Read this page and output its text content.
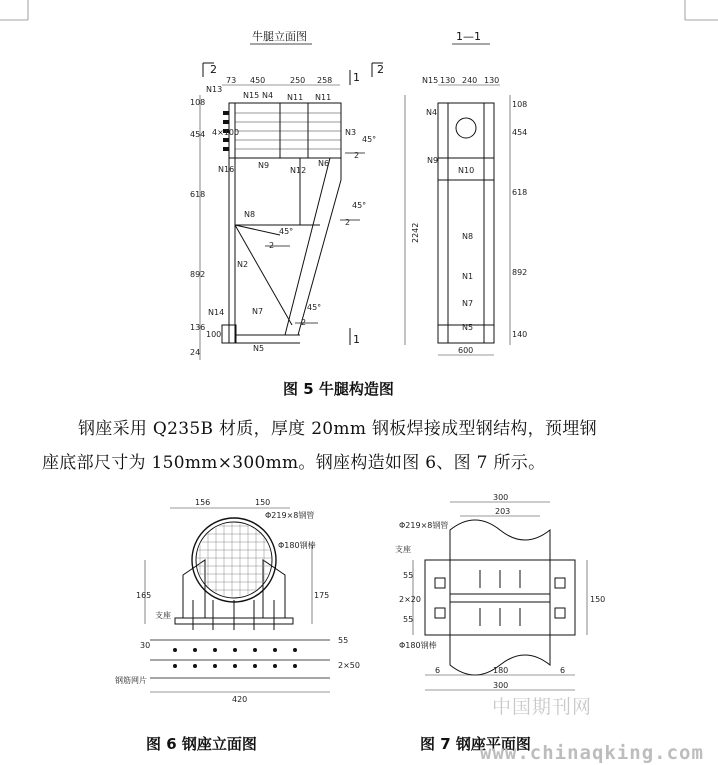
牛腿立面图	1—1
2	2
1
1
73 450	250 258
N13
N15 N4 N11 N11
108
454 4×100
618
892
136
100
24
N3
N16	N9	N6
N12
N8
N2
N7
N14
N5
45°
45°
45°
45°
2
2
2
2
2242
N15 130 240 130
N4
N9
N10
N8
N1
N7
N5
108
454
618
892
140
600
图 5 牛腿构造图
钢座采用 Q235B 材质，厚度 20mm 钢板焊接成型钢结构，预埋钢
座底部尺寸为 150mm×300mm。钢座构造如图 6、图 7 所示。
156	150
Φ219×8钢管
Φ180钢棒
支座
165	175
30
55
2×50
钢筋网片
420
300
203
Φ219×8钢管
支座
55
2×20
55
150
Φ180钢棒
6	180	6
300
图 6 钢座立面图	图 7 钢座平面图
中国期刊网
www.chinaqking.com
